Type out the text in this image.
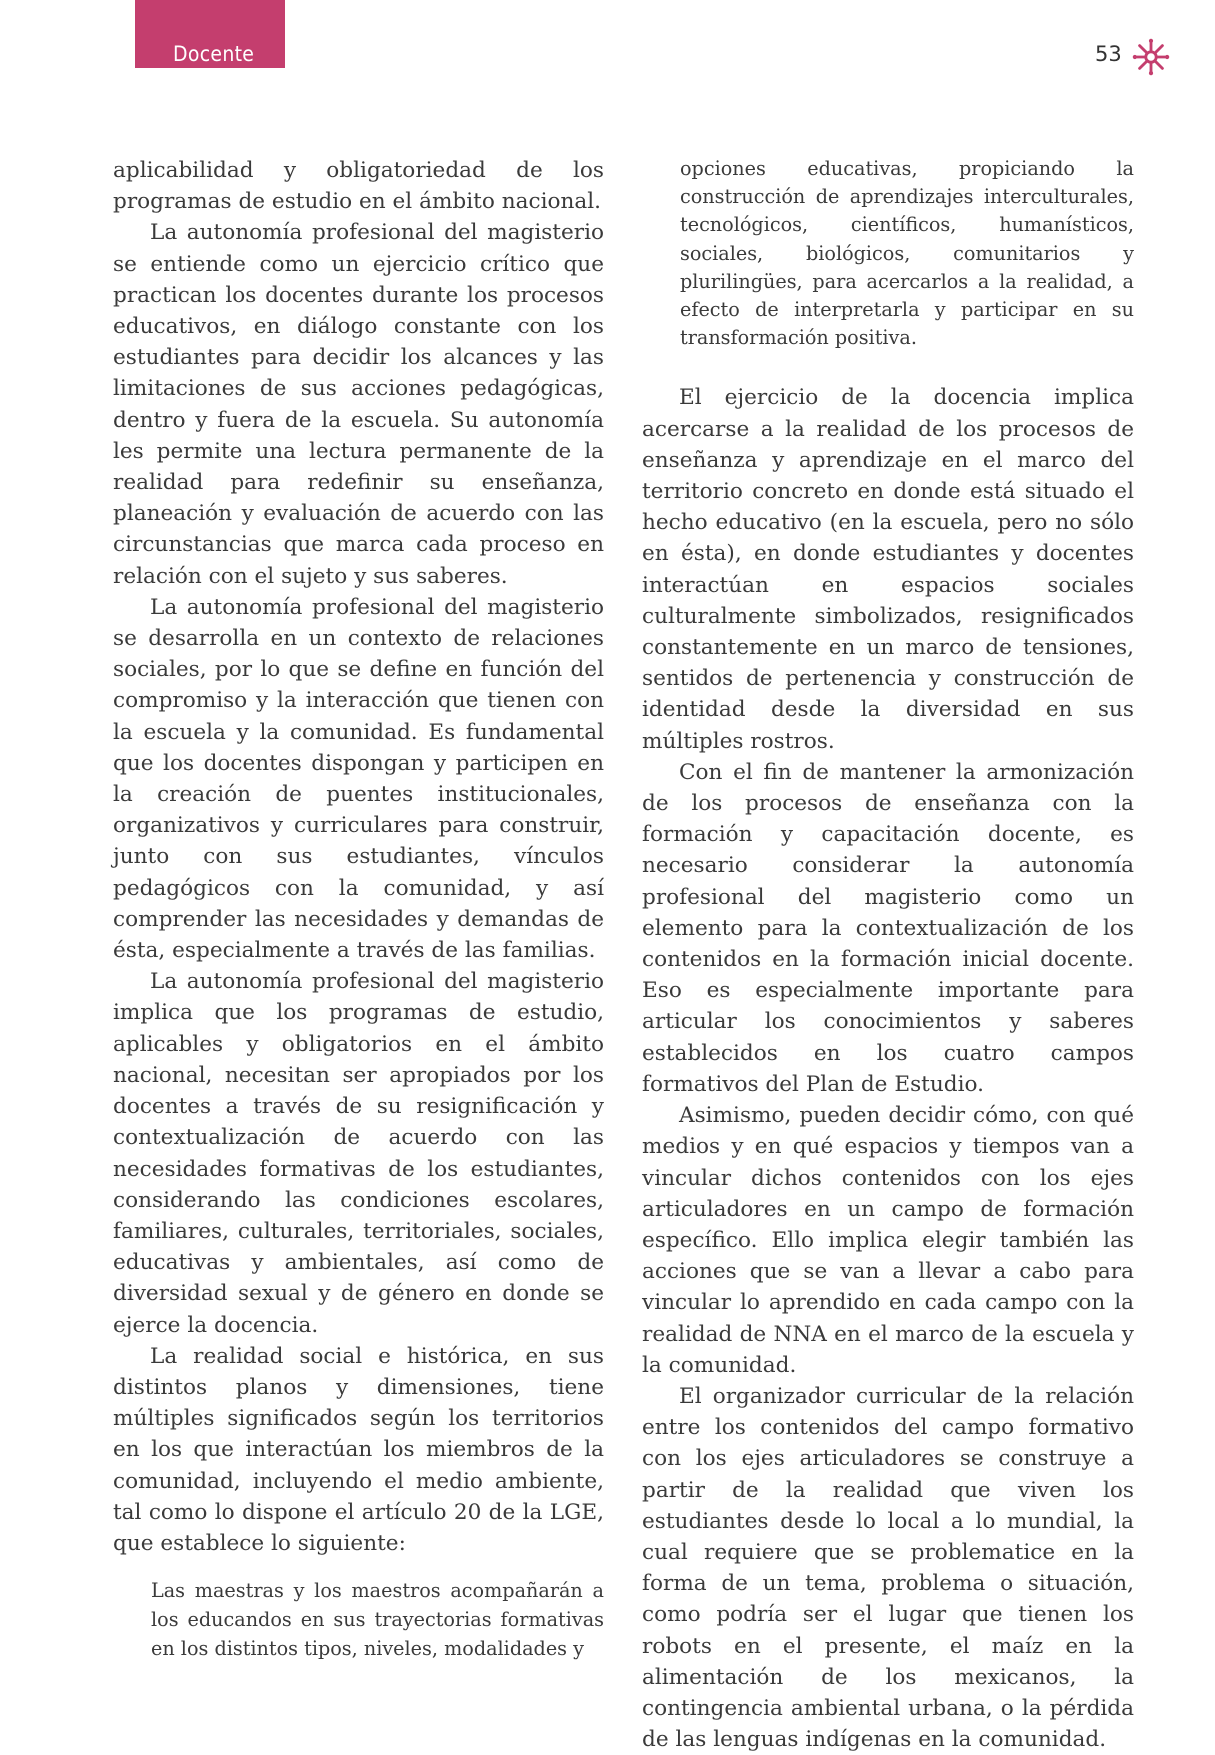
Docente	53

aplicabilidad y obligatoriedad de los programas de estudio en el ámbito nacional.

La autonomía profesional del magisterio se entiende como un ejercicio crítico que practican los docentes durante los procesos educativos, en diálogo constante con los estudiantes para decidir los alcances y las limitaciones de sus acciones pedagógicas, dentro y fuera de la escuela. Su autonomía les permite una lectura permanente de la realidad para redefinir su enseñanza, planeación y evaluación de acuerdo con las circunstancias que marca cada proceso en relación con el sujeto y sus saberes.

La autonomía profesional del magisterio se desarrolla en un contexto de relaciones sociales, por lo que se define en función del compromiso y la interacción que tienen con la escuela y la comunidad. Es fundamental que los docentes dispongan y participen en la creación de puentes institucionales, organizativos y curriculares para construir, junto con sus estudiantes, vínculos pedagógicos con la comunidad, y así comprender las necesidades y demandas de ésta, especialmente a través de las familias.

La autonomía profesional del magisterio implica que los programas de estudio, aplicables y obligatorios en el ámbito nacional, necesitan ser apropiados por los docentes a través de su resignificación y contextualización de acuerdo con las necesidades formativas de los estudiantes, considerando las condiciones escolares, familiares, culturales, territoriales, sociales, educativas y ambientales, así como de diversidad sexual y de género en donde se ejerce la docencia.

La realidad social e histórica, en sus distintos planos y dimensiones, tiene múltiples significados según los territorios en los que interactúan los miembros de la comunidad, incluyendo el medio ambiente, tal como lo dispone el artículo 20 de la LGE, que establece lo siguiente:

Las maestras y los maestros acompañarán a los educandos en sus trayectorias formativas en los distintos tipos, niveles, modalidades y

opciones educativas, propiciando la construcción de aprendizajes interculturales, tecnológicos, científicos, humanísticos, sociales, biológicos, comunitarios y plurilingües, para acercarlos a la realidad, a efecto de interpretarla y participar en su transformación positiva.

El ejercicio de la docencia implica acercarse a la realidad de los procesos de enseñanza y aprendizaje en el marco del territorio concreto en donde está situado el hecho educativo (en la escuela, pero no sólo en ésta), en donde estudiantes y docentes interactúan en espacios sociales culturalmente simbolizados, resignificados constantemente en un marco de tensiones, sentidos de pertenencia y construcción de identidad desde la diversidad en sus múltiples rostros.

Con el fin de mantener la armonización de los procesos de enseñanza con la formación y capacitación docente, es necesario considerar la autonomía profesional del magisterio como un elemento para la contextualización de los contenidos en la formación inicial docente. Eso es especialmente importante para articular los conocimientos y saberes establecidos en los cuatro campos formativos del Plan de Estudio.

Asimismo, pueden decidir cómo, con qué medios y en qué espacios y tiempos van a vincular dichos contenidos con los ejes articuladores en un campo de formación específico. Ello implica elegir también las acciones que se van a llevar a cabo para vincular lo aprendido en cada campo con la realidad de NNA en el marco de la escuela y la comunidad.

El organizador curricular de la relación entre los contenidos del campo formativo con los ejes articuladores se construye a partir de la realidad que viven los estudiantes desde lo local a lo mundial, la cual requiere que se problematice en la forma de un tema, problema o situación, como podría ser el lugar que tienen los robots en el presente, el maíz en la alimentación de los mexicanos, la contingencia ambiental urbana, o la pérdida de las lenguas indígenas en la comunidad.
